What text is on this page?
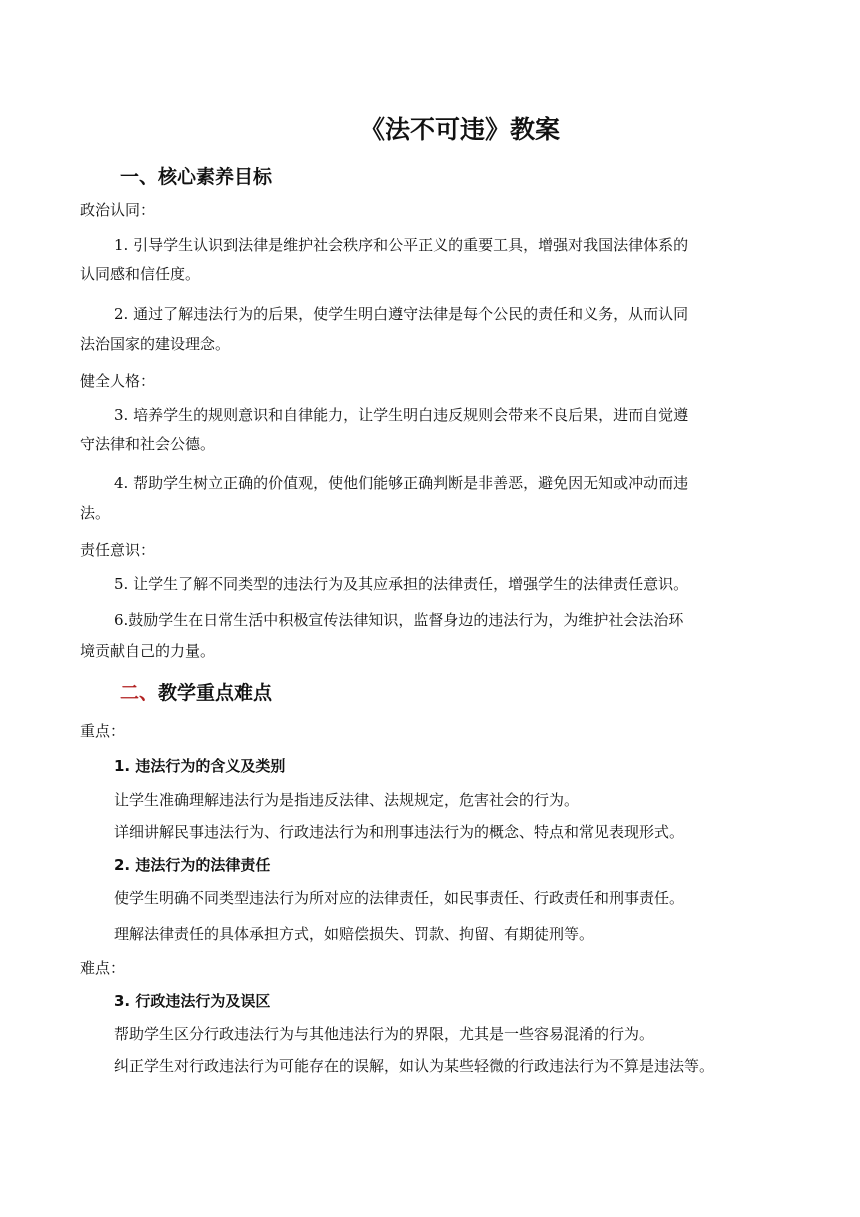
《法不可违》教案
一、核心素养目标
政治认同：
1. 引导学生认识到法律是维护社会秩序和公平正义的重要工具，增强对我国法律体系的
认同感和信任度。
2. 通过了解违法行为的后果，使学生明白遵守法律是每个公民的责任和义务，从而认同
法治国家的建设理念。
健全人格：
3. 培养学生的规则意识和自律能力，让学生明白违反规则会带来不良后果，进而自觉遵
守法律和社会公德。
4. 帮助学生树立正确的价值观，使他们能够正确判断是非善恶，避免因无知或冲动而违
法。
责任意识：
5. 让学生了解不同类型的违法行为及其应承担的法律责任，增强学生的法律责任意识。
6.鼓励学生在日常生活中积极宣传法律知识，监督身边的违法行为，为维护社会法治环
境贡献自己的力量。
二、教学重点难点
重点：
1. 违法行为的含义及类别
让学生准确理解违法行为是指违反法律、法规规定，危害社会的行为。
详细讲解民事违法行为、行政违法行为和刑事违法行为的概念、特点和常见表现形式。
2. 违法行为的法律责任
使学生明确不同类型违法行为所对应的法律责任，如民事责任、行政责任和刑事责任。
理解法律责任的具体承担方式，如赔偿损失、罚款、拘留、有期徒刑等。
难点：
3. 行政违法行为及误区
帮助学生区分行政违法行为与其他违法行为的界限，尤其是一些容易混淆的行为。
纠正学生对行政违法行为可能存在的误解，如认为某些轻微的行政违法行为不算是违法等。
